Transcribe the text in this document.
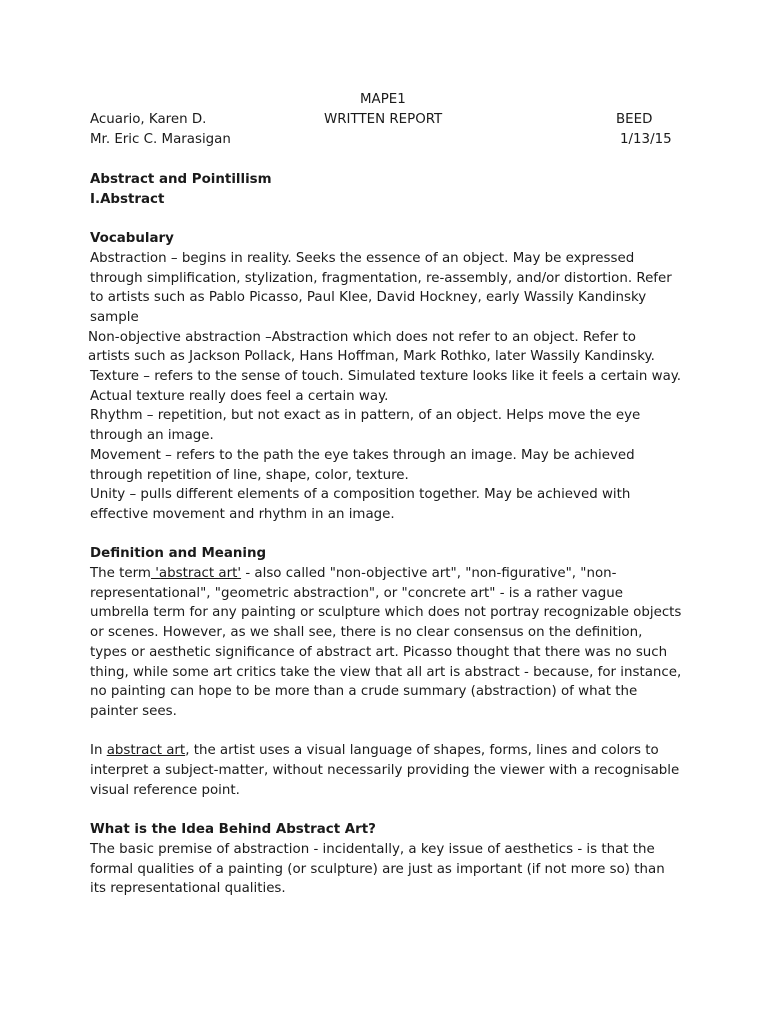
MAPE1

Acuario, Karen D.	WRITTEN REPORT	BEED

Mr. Eric C. Marasigan	1/13/15

Abstract and Pointillism

I.Abstract

Vocabulary

Abstraction – begins in reality. Seeks the essence of an object. May be expressed through simplification, stylization, fragmentation, re-assembly, and/or distortion. Refer to artists such as Pablo Picasso, Paul Klee, David Hockney, early Wassily Kandinsky

sample

Non-objective abstraction –Abstraction which does not refer to an object. Refer to artists such as Jackson Pollack, Hans Hoffman, Mark Rothko, later Wassily Kandinsky.

Texture – refers to the sense of touch. Simulated texture looks like it feels a certain way. Actual texture really does feel a certain way.

Rhythm – repetition, but not exact as in pattern, of an object. Helps move the eye through an image.

Movement – refers to the path the eye takes through an image. May be achieved through repetition of line, shape, color, texture.

Unity – pulls different elements of a composition together. May be achieved with effective movement and rhythm in an image.

Definition and Meaning

The term 'abstract art' - also called "non-objective art", "non-figurative", "non-representational", "geometric abstraction", or "concrete art" - is a rather vague umbrella term for any painting or sculpture which does not portray recognizable objects or scenes. However, as we shall see, there is no clear consensus on the definition, types or aesthetic significance of abstract art. Picasso thought that there was no such thing, while some art critics take the view that all art is abstract - because, for instance, no painting can hope to be more than a crude summary (abstraction) of what the painter sees.

In abstract art, the artist uses a visual language of shapes, forms, lines and colors to interpret a subject-matter, without necessarily providing the viewer with a recognisable visual reference point.

What is the Idea Behind Abstract Art?

The basic premise of abstraction - incidentally, a key issue of aesthetics - is that the formal qualities of a painting (or sculpture) are just as important (if not more so) than its representational qualities.
